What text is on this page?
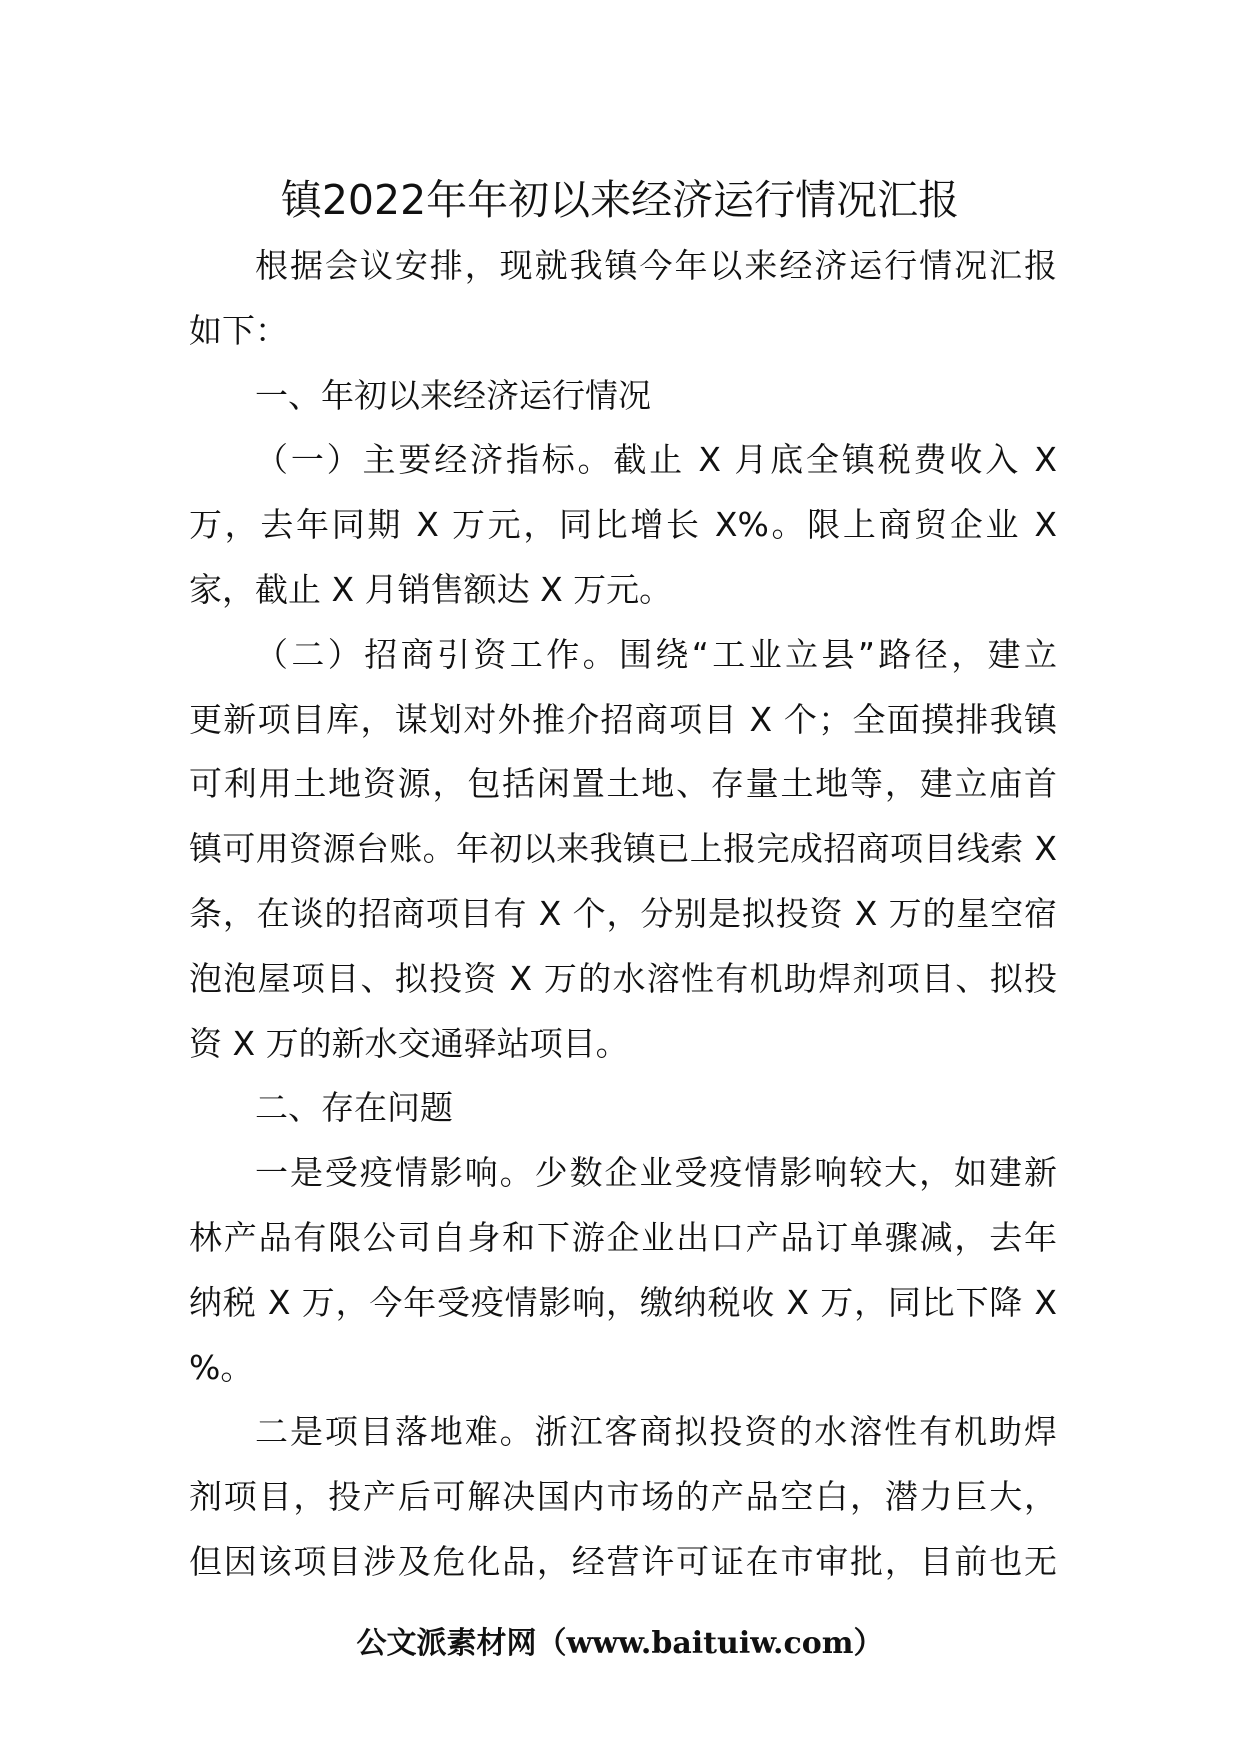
镇2022年年初以来经济运行情况汇报
根据会议安排，现就我镇今年以来经济运行情况汇报
如下：
一、年初以来经济运行情况
（一）主要经济指标。截止 X 月底全镇税费收入 X
万，去年同期 X 万元，同比增长 X%。限上商贸企业 X
家，截止 X 月销售额达 X 万元。
（二）招商引资工作。围绕“工业立县”路径，建立
更新项目库，谋划对外推介招商项目 X 个；全面摸排我镇
可利用土地资源，包括闲置土地、存量土地等，建立庙首
镇可用资源台账。年初以来我镇已上报完成招商项目线索 X
条，在谈的招商项目有 X 个，分别是拟投资 X 万的星空宿
泡泡屋项目、拟投资 X 万的水溶性有机助焊剂项目、拟投
资 X 万的新水交通驿站项目。
二、存在问题
一是受疫情影响。少数企业受疫情影响较大，如建新
林产品有限公司自身和下游企业出口产品订单骤减，去年
纳税 X 万，今年受疫情影响，缴纳税收 X 万，同比下降 X
%。
二是项目落地难。浙江客商拟投资的水溶性有机助焊
剂项目，投产后可解决国内市场的产品空白，潜力巨大，
但因该项目涉及危化品，经营许可证在市审批，目前也无
公文派素材网（www.baituiw.com）
